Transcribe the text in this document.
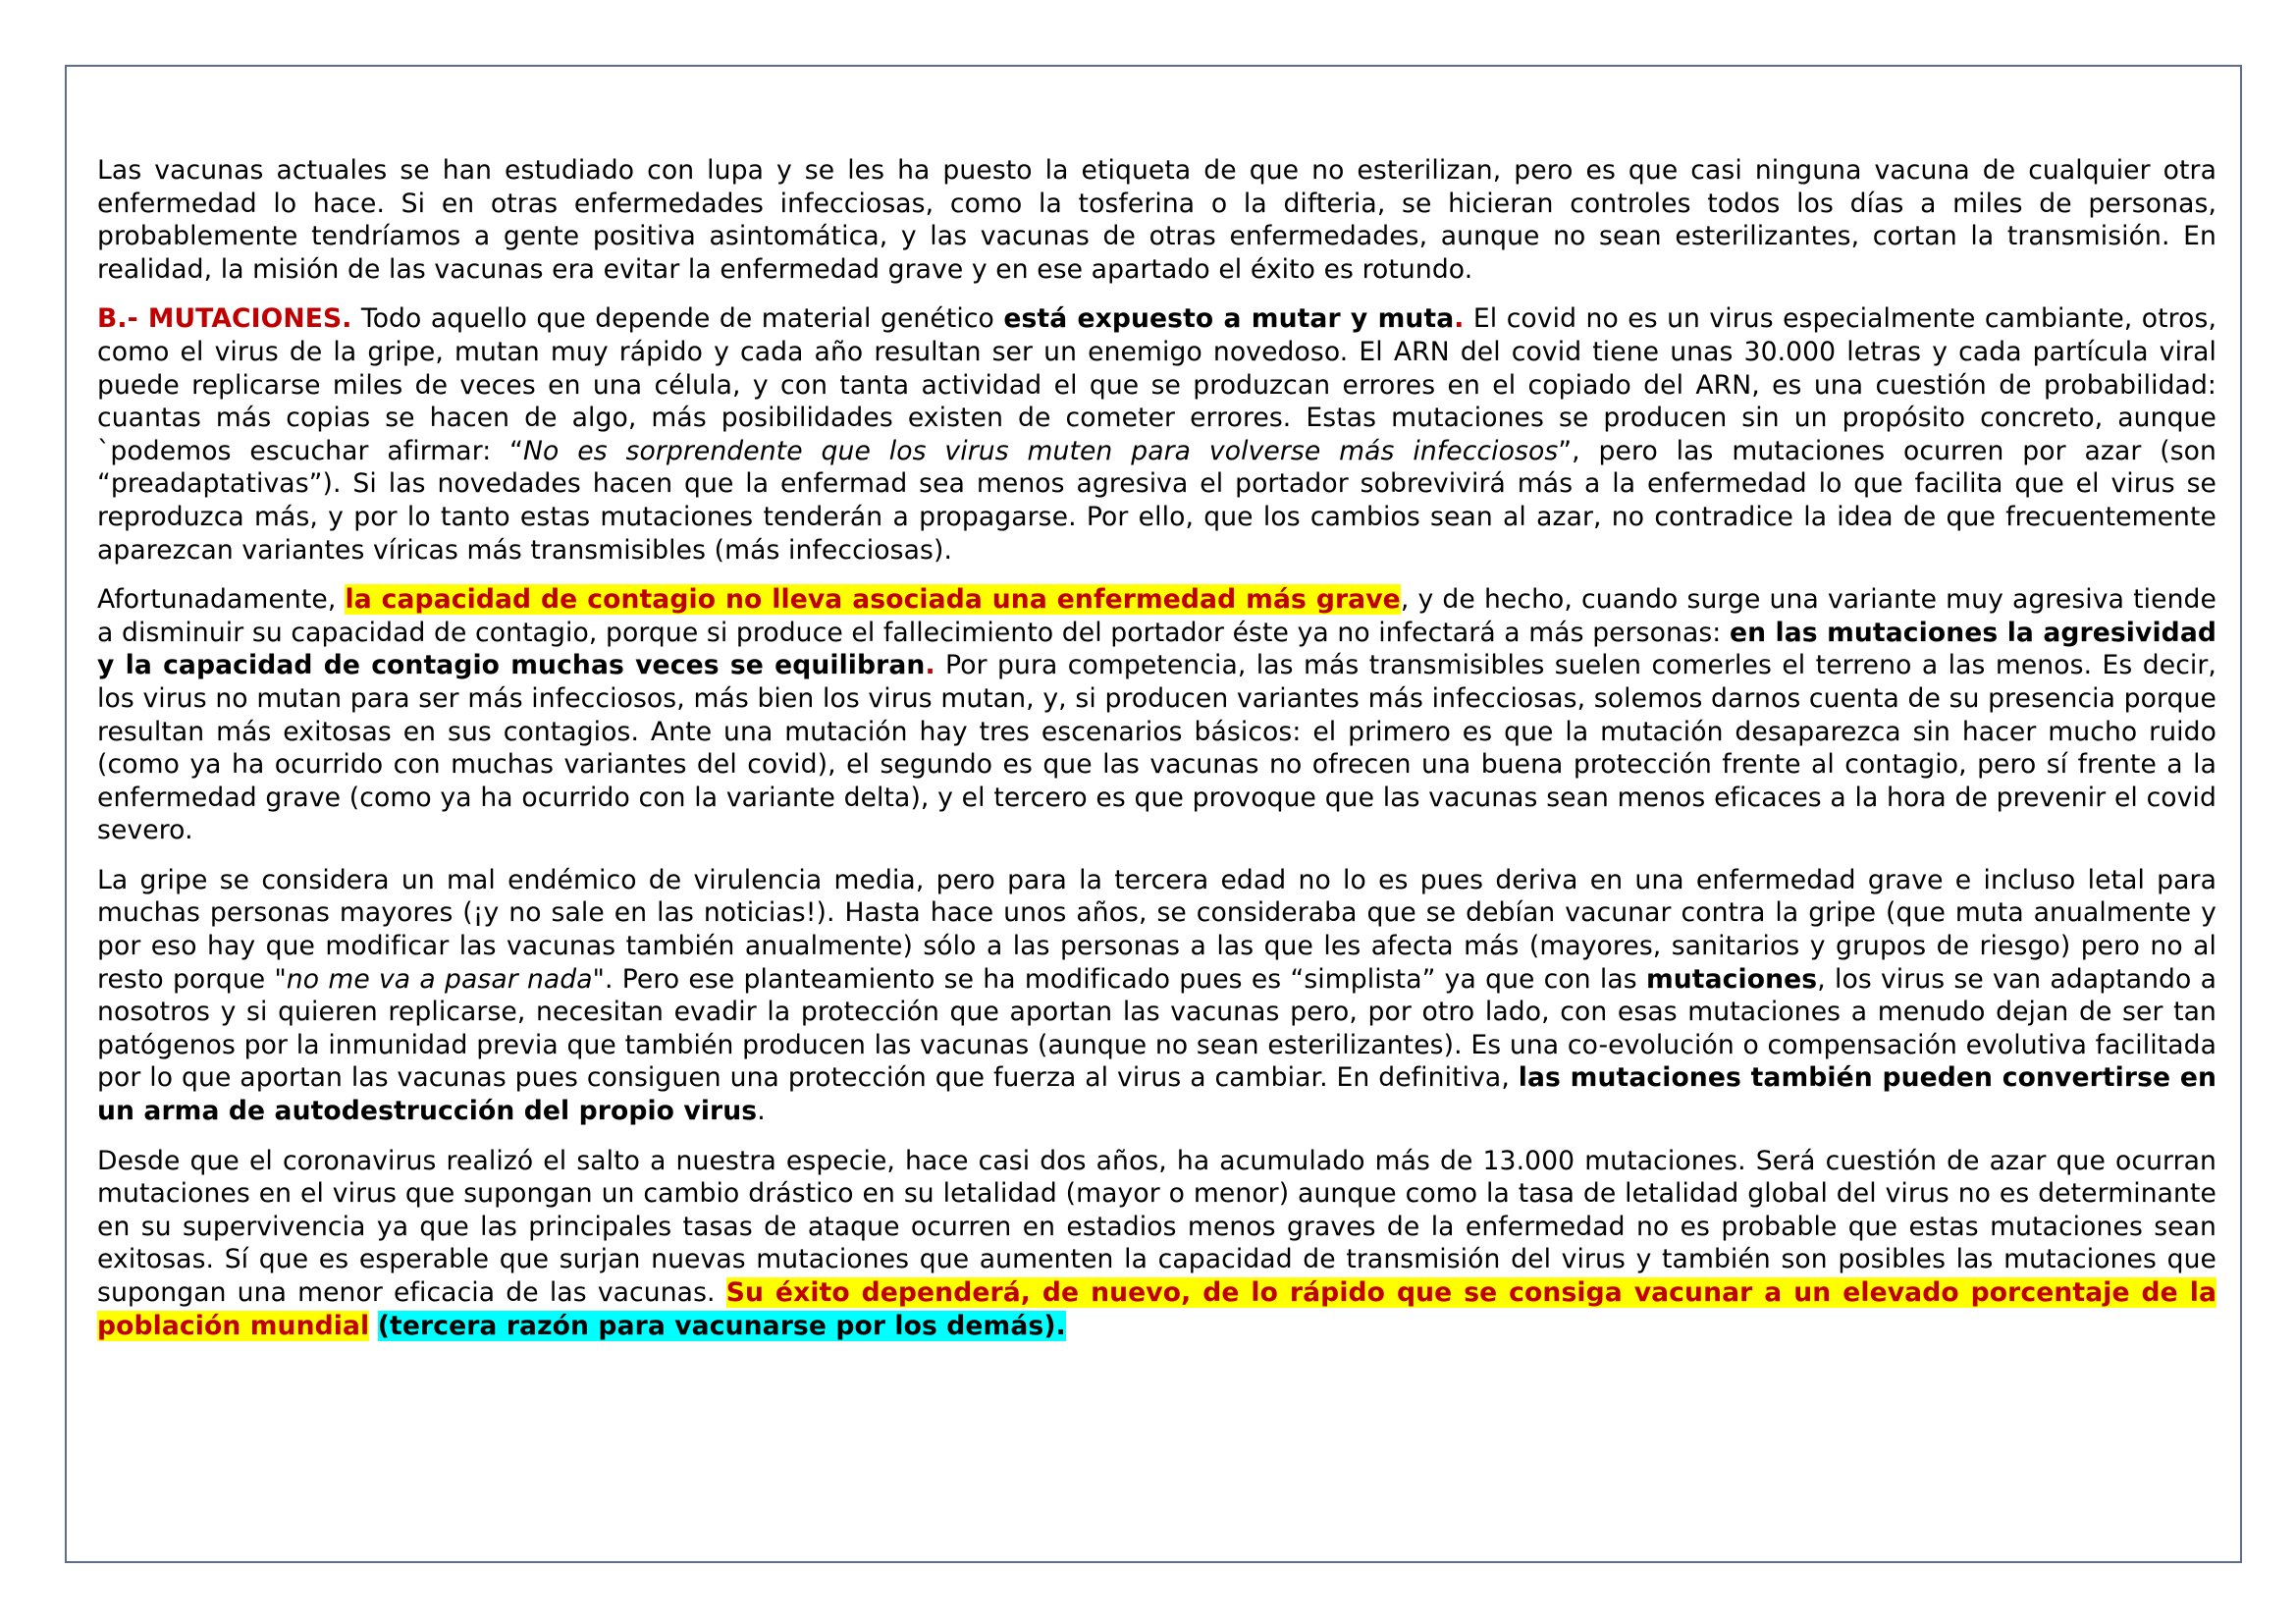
Las vacunas actuales se han estudiado con lupa y se les ha puesto la etiqueta de que no esterilizan, pero es que casi ninguna vacuna de cualquier otra enfermedad lo hace. Si en otras enfermedades infecciosas, como la tosferina o la difteria, se hicieran controles todos los días a miles de personas, probablemente tendríamos a gente positiva asintomática, y las vacunas de otras enfermedades, aunque no sean esterilizantes, cortan la transmisión. En realidad, la misión de las vacunas era evitar la enfermedad grave y en ese apartado el éxito es rotundo.

B.- MUTACIONES. Todo aquello que depende de material genético está expuesto a mutar y muta. El covid no es un virus especialmente cambiante, otros, como el virus de la gripe, mutan muy rápido y cada año resultan ser un enemigo novedoso. El ARN del covid tiene unas 30.000 letras y cada partícula viral puede replicarse miles de veces en una célula, y con tanta actividad el que se produzcan errores en el copiado del ARN, es una cuestión de probabilidad: cuantas más copias se hacen de algo, más posibilidades existen de cometer errores. Estas mutaciones se producen sin un propósito concreto, aunque `podemos escuchar afirmar: “No es sorprendente que los virus muten para volverse más infecciosos”, pero las mutaciones ocurren por azar (son “preadaptativas”). Si las novedades hacen que la enfermad sea menos agresiva el portador sobrevivirá más a la enfermedad lo que facilita que el virus se reproduzca más, y por lo tanto estas mutaciones tenderán a propagarse. Por ello, que los cambios sean al azar, no contradice la idea de que frecuentemente aparezcan variantes víricas más transmisibles (más infecciosas).

Afortunadamente, la capacidad de contagio no lleva asociada una enfermedad más grave, y de hecho, cuando surge una variante muy agresiva tiende a disminuir su capacidad de contagio, porque si produce el fallecimiento del portador éste ya no infectará a más personas: en las mutaciones la agresividad y la capacidad de contagio muchas veces se equilibran. Por pura competencia, las más transmisibles suelen comerles el terreno a las menos. Es decir, los virus no mutan para ser más infecciosos, más bien los virus mutan, y, si producen variantes más infecciosas, solemos darnos cuenta de su presencia porque resultan más exitosas en sus contagios. Ante una mutación hay tres escenarios básicos: el primero es que la mutación desaparezca sin hacer mucho ruido (como ya ha ocurrido con muchas variantes del covid), el segundo es que las vacunas no ofrecen una buena protección frente al contagio, pero sí frente a la enfermedad grave (como ya ha ocurrido con la variante delta), y el tercero es que provoque que las vacunas sean menos eficaces a la hora de prevenir el covid severo.

La gripe se considera un mal endémico de virulencia media, pero para la tercera edad no lo es pues deriva en una enfermedad grave e incluso letal para muchas personas mayores (¡y no sale en las noticias!). Hasta hace unos años, se consideraba que se debían vacunar contra la gripe (que muta anualmente y por eso hay que modificar las vacunas también anualmente) sólo a las personas a las que les afecta más (mayores, sanitarios y grupos de riesgo) pero no al resto porque "no me va a pasar nada". Pero ese planteamiento se ha modificado pues es “simplista” ya que con las mutaciones, los virus se van adaptando a nosotros y si quieren replicarse, necesitan evadir la protección que aportan las vacunas pero, por otro lado, con esas mutaciones a menudo dejan de ser tan patógenos por la inmunidad previa que también producen las vacunas (aunque no sean esterilizantes). Es una co-evolución o compensación evolutiva facilitada por lo que aportan las vacunas pues consiguen una protección que fuerza al virus a cambiar. En definitiva, las mutaciones también pueden convertirse en un arma de autodestrucción del propio virus.

Desde que el coronavirus realizó el salto a nuestra especie, hace casi dos años, ha acumulado más de 13.000 mutaciones. Será cuestión de azar que ocurran mutaciones en el virus que supongan un cambio drástico en su letalidad (mayor o menor) aunque como la tasa de letalidad global del virus no es determinante en su supervivencia ya que las principales tasas de ataque ocurren en estadios menos graves de la enfermedad no es probable que estas mutaciones sean exitosas. Sí que es esperable que surjan nuevas mutaciones que aumenten la capacidad de transmisión del virus y también son posibles las mutaciones que supongan una menor eficacia de las vacunas. Su éxito dependerá, de nuevo, de lo rápido que se consiga vacunar a un elevado porcentaje de la población mundial (tercera razón para vacunarse por los demás).
